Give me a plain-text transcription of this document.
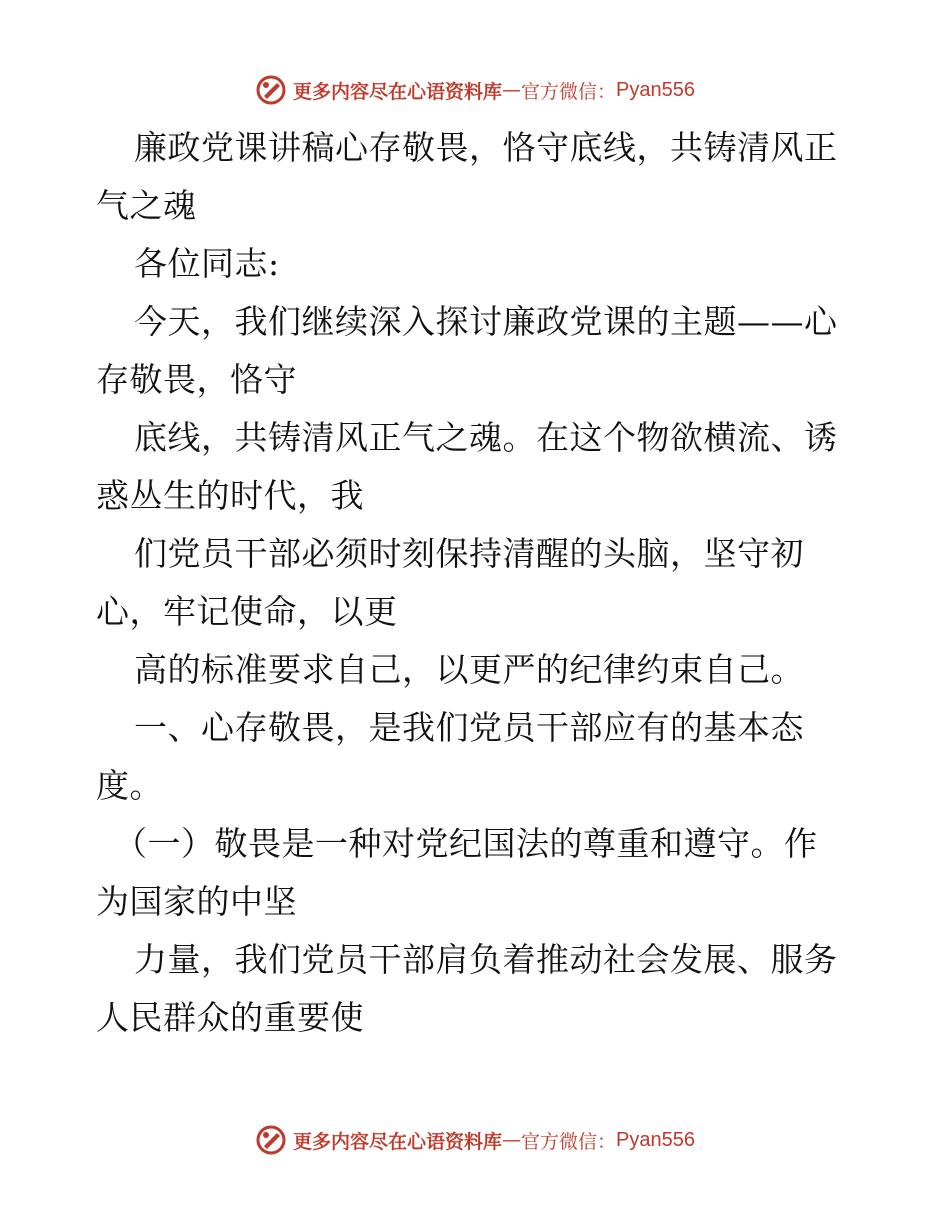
更多内容尽在心语资料库 — 官方微信： Pyan556
廉政党课讲稿心存敬畏，恪守底线，共铸清风正
气之魂
各位同志:
今天，我们继续深入探讨廉政党课的主题——心
存敬畏，恪守
底线，共铸清风正气之魂。在这个物欲横流、诱
惑丛生的时代，我
们党员干部必须时刻保持清醒的头脑，坚守初
心，牢记使命，以更
高的标准要求自己，以更严的纪律约束自己。
一、心存敬畏，是我们党员干部应有的基本态
度。
（一）敬畏是一种对党纪国法的尊重和遵守。作
为国家的中坚
力量，我们党员干部肩负着推动社会发展、服务
人民群众的重要使
更多内容尽在心语资料库 — 官方微信： Pyan556
